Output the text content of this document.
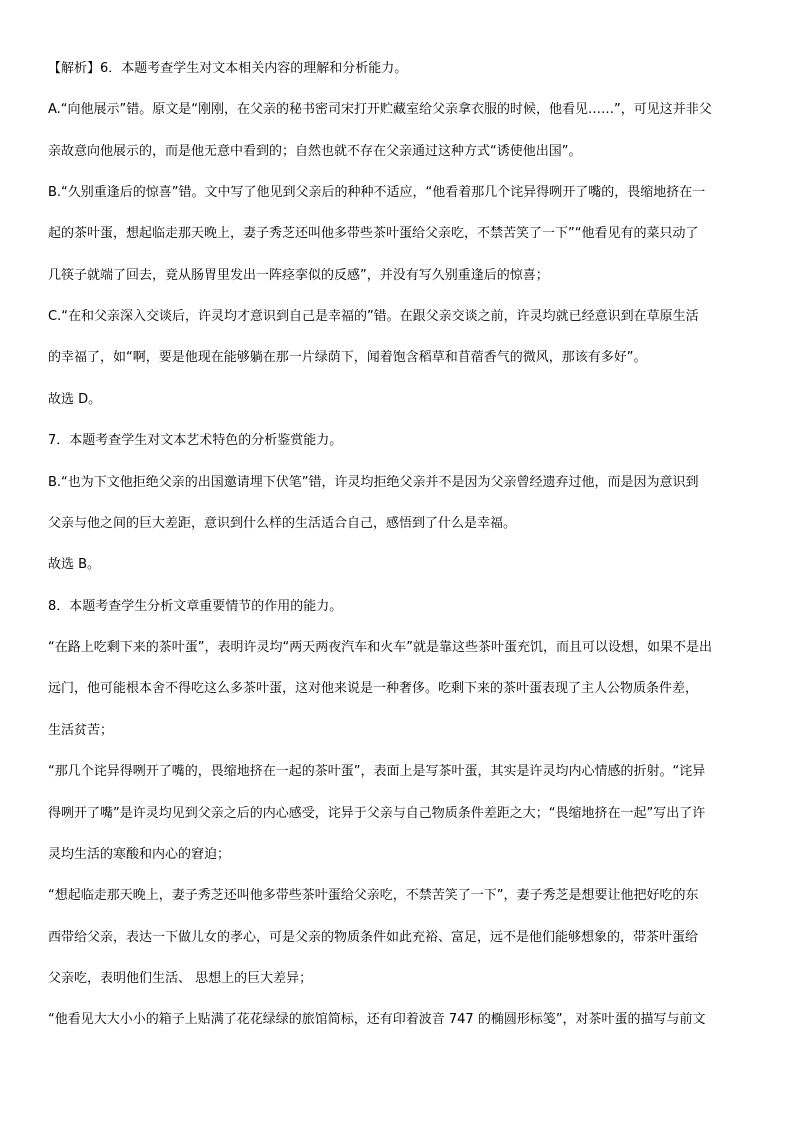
【解析】6．本题考查学生对文本相关内容的理解和分析能力。
A.“向他展示”错。原文是“刚刚，在父亲的秘书密司宋打开贮藏室给父亲拿衣服的时候，他看见……”，可见这并非父
亲故意向他展示的，而是他无意中看到的；自然也就不存在父亲通过这种方式“诱使他出国”。
B.“久别重逢后的惊喜”错。文中写了他见到父亲后的种种不适应，“他看着那几个诧异得咧开了嘴的，畏缩地挤在一
起的茶叶蛋，想起临走那天晚上，妻子秀芝还叫他多带些茶叶蛋给父亲吃，不禁苦笑了一下”“他看见有的菜只动了
几筷子就端了回去，竟从肠胃里发出一阵痉挛似的反感”，并没有写久别重逢后的惊喜；
C.“在和父亲深入交谈后，许灵均才意识到自己是幸福的”错。在跟父亲交谈之前，许灵均就已经意识到在草原生活
的幸福了，如“啊，要是他现在能够躺在那一片绿荫下，闻着饱含稻草和苜蓿香气的微风，那该有多好”。
故选 D。
7．本题考查学生对文本艺术特色的分析鉴赏能力。
B.“也为下文他拒绝父亲的出国邀请埋下伏笔”错，许灵均拒绝父亲并不是因为父亲曾经遗弃过他，而是因为意识到
父亲与他之间的巨大差距，意识到什么样的生活适合自己，感悟到了什么是幸福。
故选 B。
8．本题考查学生分析文章重要情节的作用的能力。
“在路上吃剩下来的茶叶蛋”，表明许灵均“两天两夜汽车和火车”就是靠这些茶叶蛋充饥，而且可以设想，如果不是出
远门，他可能根本舍不得吃这么多茶叶蛋，这对他来说是一种奢侈。吃剩下来的茶叶蛋表现了主人公物质条件差，
生活贫苦；
“那几个诧异得咧开了嘴的，畏缩地挤在一起的茶叶蛋”，表面上是写茶叶蛋，其实是许灵均内心情感的折射。“诧异
得咧开了嘴”是许灵均见到父亲之后的内心感受，诧异于父亲与自己物质条件差距之大；“畏缩地挤在一起”写出了许
灵均生活的寒酸和内心的窘迫；
“想起临走那天晚上，妻子秀芝还叫他多带些茶叶蛋给父亲吃，不禁苦笑了一下”，妻子秀芝是想要让他把好吃的东
西带给父亲，表达一下做儿女的孝心，可是父亲的物质条件如此充裕、富足，远不是他们能够想象的，带茶叶蛋给
父亲吃，表明他们生活、 思想上的巨大差异；
“他看见大大小小的箱子上贴满了花花绿绿的旅馆简标，还有印着波音 747 的椭圆形标笺”，对茶叶蛋的描写与前文
